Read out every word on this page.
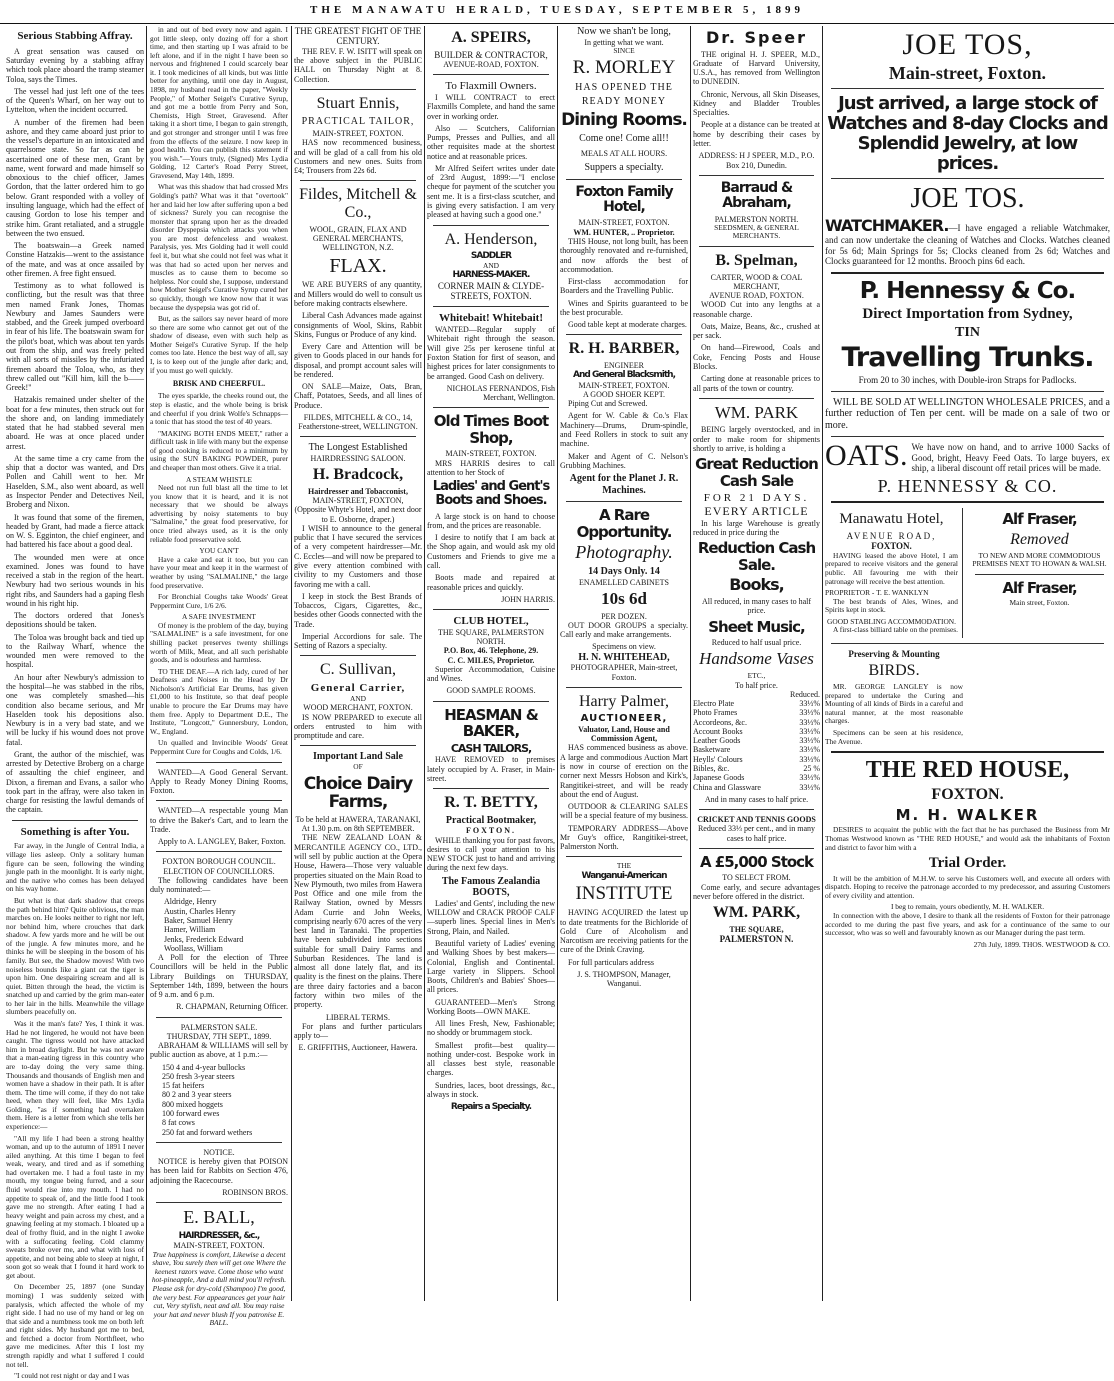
THE MANAWATU HERALD, TUESDAY, SEPTEMBER 5, 1899
Serious Stabbing Affray.

A great sensation was caused on Saturday evening by a stabbing affray which took place aboard the tramp steamer Toloa, says the Times.

The vessel had just left one of the tees of the Queen's Wharf, on her way out to Lyttelton, when the incident occurred.

A number of the firemen had been ashore, and they came aboard just prior to the vessel's departure in an intoxicated and quarrelsome state. So far as can be ascertained one of these men, Grant by name, went forward and made himself so obnoxious to the chief officer, James Gordon, that the latter ordered him to go below. Grant responded with a volley of insulting language, which had the effect of causing Gordon to lose his temper and strike him. Grant retaliated, and a struggle between the two ensued.

The boatswain—a Greek named Constine Hatzakis—went to the assistance of the mate, and was at once assailed by other firemen. A free fight ensued.

Testimony as to what followed is conflicting, but the result was that three men named Frank Jones, Thomas Newbury and James Saunders were stabbed, and the Greek jumped overboard in fear of his life. The boatswain swam for the pilot's boat, which was about ten yards out from the ship, and was freely pelted with all sorts of missiles by the infuriated firemen aboard the Toloa, who, as they threw called out "Kill him, kill the b—— Greek!"

Hatzakis remained under shelter of the boat for a few minutes, then struck out for the shore and, on landing immediately stated that he had stabbed several men aboard. He was at once placed under arrest.

At the same time a cry came from the ship that a doctor was wanted, and Drs Pollen and Cahill went to her. Mr Haselden, S.M., also went aboard, as well as Inspector Pender and Detectives Neil, Broberg and Nixon.

It was found that some of the firemen, headed by Grant, had made a fierce attack on W. S. Egginton, the chief engineer, and had battered his face about a good deal.

The wounded men were at once examined. Jones was found to have received a stab in the region of the heart. Newbury had two serious wounds in his right ribs, and Saunders had a gaping flesh wound in his right hip.

The doctors ordered that Jones's depositions should be taken.

The Toloa was brought back and tied up to the Railway Wharf, whence the wounded men were removed to the hospital.

An hour after Newbury's admission to the hospital—he was stabbed in the ribs, one was completely smashed—his condition also became serious, and Mr Haselden took his depositions also. Newbury is in a very bad state, and we will be lucky if his wound does not prove fatal.

Grant, the author of the mischief, was arrested by Detective Broberg on a charge of assaulting the chief engineer, and Dixon, a fireman and Evans, a sailor who took part in the affray, were also taken in charge for resisting the lawful demands of the captain.

Something is after You.

Far away, in the Jungle of Central India, a village lies asleep. Only a solitary human figure can be seen, following the winding jungle path in the moonlight. It is early night, and the native who comes has been delayed on his way home.

But what is that dark shadow that creeps the path behind him? Quite oblivious, the man marches on. He looks neither to right nor left, nor behind him, where crouches that dark shadow. A few yards more and he will be out of the jungle. A few minutes more, and he thinks he will be sleeping in the bosom of his family. But see, the Shadow moves! With two noiseless bounds like a giant cat the tiger is upon him. One despairing scream and all is quiet. Bitten through the head, the victim is snatched up and carried by the grim man-eater to her lair in the hills. Meanwhile the village slumbers peacefully on.

Was it the man's fate? Yes, I think it was. Had he not lingered, he would not have been caught. The tigress would not have attacked him in broad daylight. But he was not aware that a man-eating tigress in this country who are to-day doing the very same thing. Thousands and thousands of English men and women have a shadow in their path. It is after them. The time will come, if they do not take heed, when they will feel, like Mrs Lydia Golding, "as if something had overtaken them. Here is a letter from which she tells her experience:—

"All my life I had been a strong healthy woman, and up to the autumn of 1891 I never ailed anything. At this time I began to feel weak, weary, and tired and as if something had overtaken me. I had a foul taste in my mouth, my tongue being furred, and a sour fluid would rise into my mouth. I had no appetite to speak of, and the little food I took gave me no strength. After eating I had a heavy weight and pain across my chest, and a gnawing feeling at my stomach. I bloated up a deal of frothy fluid, and in the night I awoke with a suffocating feeling. Cold clammy sweats broke over me, and what with loss of appetite, and not being able to sleep at night, I soon got so weak that I found it hard work to get about.

On December 25, 1897 (one Sunday morning) I was suddenly seized with paralysis, which affected the whole of my right side. I had no use of my hand or leg on that side and a numbness took me on both left and right sides. My husband got me to bed, and fetched a doctor from Northfleet, who gave me medicines. After this I lost my strength rapidly and what I suffered I could not tell.

"I could not rest night or day and I was

in and out of bed every now and again. I got little sleep, only dozing off for a short time, and then starting up I was afraid to be left alone, and if in the night I have been so nervous and frightened I could scarcely bear it. I took medicines of all kinds, but was little better for anything, until one day in August, 1898, my husband read in the paper, "Weekly People," of Mother Seigel's Curative Syrup, and got me a bottle from Perry and Son, Chemists, High Street, Gravesend. After taking it a short time, I began to gain strength, and got stronger and stronger until I was free from the effects of the seizure. I now keep in good health. You can publish this statement if you wish."—Yours truly, (Signed) Mrs Lydia Golding, 12 Carter's Road Perry Street, Gravesend, May 14th, 1899.

What was this shadow that had crossed Mrs Golding's path? What was it that "overtook" her and laid her low after suffering upon a bed of sickness? Surely you can recognise the monster that sprang upon her as the dreaded disorder Dyspepsia which attacks you when you are most defenceless and weakest. Paralysis, yes. Mrs Golding had it well could feel it, but what she could not feel was what it was that had so acted upon her nerves and muscles as to cause them to become so helpless. Nor could she, I suppose, understand how Mother Seigel's Curative Syrup cured her so quickly, though we know now that it was because the dyspepsia was got rid of.

But, as the sailors say never heard of more so there are some who cannot get out of the shadow of disease, even with such help as Mother Seigel's Curative Syrup. If the help comes too late. Hence the best way of all, say I, is to keep out of the jungle after dark; and, if you must go well quickly.

BRISK AND CHEERFUL.

The eyes sparkle, the cheeks round out, the step is elastic, and the whole being is brisk and cheerful if you drink Wolfe's Schnapps—a tonic that has stood the test of 40 years.

"MAKING BOTH ENDS MEET," rather a difficult task in life with many but the expense of good cooking is reduced to a minimum by using the SUN BAKING POWDER, purer and cheaper than most others. Give it a trial.

A STEAM WHISTLE

Need not run full blast all the time to let you know that it is heard, and it is not necessary that we should be always advertising by noisy statements to buy "Salmaline," the great food preservative, for once tried always used, as it is the only reliable food preservative sold.

YOU CAN'T

Have a cake and eat it too, but you can have your meat and keep it in the warmest of weather by using "SALMALINE," the large food preservative.

For Bronchial Coughs take Woods' Great Peppermint Cure, 1/6 2/6.

A SAFE INVESTMENT

Of money is the problem of the day, buying "SALMALINE" is a safe investment, for one shilling packet preserves twenty shillings worth of Milk, Meat, and all such perishable goods, and is odourless and harmless.

TO THE DEAF.—A rich lady, cured of her Deafness and Noises in the Head by Dr Nicholson's Artificial Ear Drums, has given £1,000 to his Institute, so that deaf people unable to procure the Ear Drums may have them free. Apply to Department D.E., The Institute, "Longcott," Gunnersbury, London, W., England.

Un qualled and Invincible Woods' Great Peppermint Cure for Coughs and Colds, 1/6.

WANTED—A Good General Servant. Apply to Ready Money Dining Rooms, Foxton.

WANTED—A respectable young Man to drive the Baker's Cart, and to learn the Trade.

Apply to A. LANGLEY, Baker, Foxton.

FOXTON BOROUGH COUNCIL. ELECTION OF COUNCILLORS.

The following candidates have been duly nominated:—

Aldridge, Henry
Austin, Charles Henry
Baker, Samuel Henry
Hamer, William
Jenks, Frederick Edward
Woollass, William

A Poll for the election of Three Councillors will be held in the Public Library Buildings on THURSDAY, September 14th, 1899, between the hours of 9 a.m. and 6 p.m.

R. CHAPMAN, Returning Officer.
PALMERSTON SALE.
THURSDAY, 7TH SEPT., 1899.

ABRAHAM & WILLIAMS will sell by public auction as above, at 1 p.m.:—

150 4 and 4-year bullocks
250 fresh 3-year steers
15 fat heifers
80 2 and 3 year steers
800 mixed hoggets
100 forward ewes
8 fat cows
250 fat and forward wethers
NOTICE.

NOTICE is hereby given that POISON has been laid for Rabbits on Section 476, adjoining the Racecourse.

ROBINSON BROS.
E. BALL,
HAIRDRESSER, &c.,
MAIN-STREET, FOXTON.

True happiness is comfort, Likewise a decent shave, You surely then will get one Where the keenest razors wave. Come those who want hot-pineapple, And a dull mind you'll refresh. Please ask for dry-cold (Shampoo) I'm good, the very best. For appearances get your hair cut, Very stylish, neat and all. You may raise your hat and never blush If you patronise E. BALL.

THE GREATEST FIGHT OF THE CENTURY.

THE REV. F. W. ISITT will speak on the above subject in the PUBLIC HALL on Thursday Night at 8. Collection.

Stuart Ennis,
PRACTICAL TAILOR,
MAIN-STREET, FOXTON.

HAS now recommenced business, and will be glad of a call from his old Customers and new ones. Suits from £4; Trousers from 22s 6d.

Fildes, Mitchell & Co.,
WOOL, GRAIN, FLAX AND GENERAL MERCHANTS,
WELLINGTON, N.Z.
FLAX.

WE ARE BUYERS of any quantity, and Millers would do well to consult us before making contracts elsewhere.

Liberal Cash Advances made against consignments of Wool, Skins, Rabbit Skins, Fungus or Produce of any kind.

Every Care and Attention will be given to Goods placed in our hands for disposal, and prompt account sales will be rendered.

ON SALE—Maize, Oats, Bran, Chaff, Potatoes, Seeds, and all lines of Produce.

FILDES, MITCHELL & CO., 14, Featherstone-street, WELLINGTON.
The Longest Established
HAIRDRESSING SALOON.
H. Bradcock,
Hairdresser and Tobacconist,
MAIN-STREET, FOXTON,
(Opposite Whyte's Hotel, and next door to E. Osborne, draper.)

I WISH to announce to the general public that I have secured the services of a very competent hairdresser—Mr. C. Eccles—and will now be prepared to give every attention combined with civility to my Customers and those favoring me with a call.

I keep in stock the Best Brands of Tobaccos, Cigars, Cigarettes, &c., besides other Goods connected with the Trade.

Imperial Accordions for sale. The Setting of Razors a specialty.

C. Sullivan,
General Carrier,
AND
WOOD MERCHANT, FOXTON.

IS NOW PREPARED to execute all orders entrusted to him with promptitude and care.

Important Land Sale
OF
Choice Dairy Farms,
To be held at HAWERA, TARANAKI, At 1.30 p.m. on 8th SEPTEMBER.

THE NEW ZEALAND LOAN & MERCANTILE AGENCY CO., LTD., will sell by public auction at the Opera House, Hawera—Those very valuable properties situated on the Main Road to New Plymouth, two miles from Hawera Post Office and one mile from the Railway Station, owned by Messrs Adam Currie and John Weeks, comprising nearly 670 acres of the very best land in Taranaki. The properties have been subdivided into sections suitable for small Dairy Farms and Suburban Residences. The land is almost all done lately flat, and its quality is the finest on the plains. There are three dairy factories and a bacon factory within two miles of the property.

LIBERAL TERMS.

For plans and further particulars apply to—

E. GRIFFITHS, Auctioneer, Hawera.
A. SPEIRS,
BUILDER & CONTRACTOR,
AVENUE-ROAD, FOXTON.
To Flaxmill Owners.

I WILL CONTRACT to erect Flaxmills Complete, and hand the same over in working order.

Also — Scutchers, Californian Pumps, Presses and Pullies, and all other requisites made at the shortest notice and at reasonable prices.

Mr Alfred Seifert writes under date of 23rd August, 1899:—"I enclose cheque for payment of the scutcher you sent me. It is a first-class scutcher, and is giving every satisfaction. I am very pleased at having such a good one."

A. Henderson,
SADDLER
AND
HARNESS-MAKER.
CORNER MAIN & CLYDE-STREETS, FOXTON.
Whitebait! Whitebait!

WANTED—Regular supply of Whitebait right through the season. Will give 25s per kerosene tinful at Foxton Station for first of season, and highest prices for later consignments to be arranged. Good Cash on delivery.

NICHOLAS FERNANDOS, Fish Merchant, Wellington.
Old Times Boot Shop,
MAIN-STREET, FOXTON.

MRS HARRIS desires to call attention to her Stock of

Ladies' and Gent's Boots and Shoes.

A large stock is on hand to choose from, and the prices are reasonable.

I desire to notify that I am back at the Shop again, and would ask my old Customers and Friends to give me a call.

Boots made and repaired at reasonable prices and quickly.

JOHN HARRIS.
CLUB HOTEL,
THE SQUARE, PALMERSTON NORTH.
P.O. Box, 46. Telephone, 29.
C. C. MILES, Proprietor.

Superior Accommodation, Cuisine and Wines.

GOOD SAMPLE ROOMS.
HEASMAN & BAKER,
CASH TAILORS,

HAVE REMOVED to premises lately occupied by A. Fraser, in Main-street.

R. T. BETTY,
Practical Bootmaker,
FOXTON.

WHILE thanking you for past favors, desires to call your attention to his NEW STOCK just to hand and arriving during the next few days.

The Famous Zealandia BOOTS,

Ladies' and Gents', including the new WILLOW and CRACK PROOF CALF—superb lines. Special lines in Men's Strong, Plain, and Nailed.

Beautiful variety of Ladies' evening and Walking Shoes by best makers—Colonial, English and Continental. Large variety in Slippers. School Boots, Children's and Babies' Shoes—all prices.

GUARANTEED—Men's Strong Working Boots—OWN MAKE.

All lines Fresh, New, Fashionable; no shoddy or brummagem stock.

Smallest profit—best quality—nothing under-cost. Bespoke work in all classes best style, reasonable charges.

Sundries, laces, boot dressings, &c., always in stock.

Repairs a Specialty.
Now we shan't be long,
In getting what we want.
SINCE
R. MORLEY
HAS OPENED THE
READY MONEY
Dining Rooms.
Come one! Come all!!
MEALS AT ALL HOURS.
Suppers a specialty.
Foxton Family Hotel,
MAIN-STREET, FOXTON.
WM. HUNTER, .. Proprietor.

THIS House, not long built, has been thoroughly renovated and re-furnished, and now affords the best of accommodation.

First-class accommodation for Boarders and the Travelling Public.

Wines and Spirits guaranteed to be the best procurable.

Good table kept at moderate charges.

R. H. BARBER,
ENGINEER
And General Blacksmith,
MAIN-STREET, FOXTON.
A GOOD SHOER KEPT.

Piping Cut and Screwed.

Agent for W. Cable & Co.'s Flax Machinery—Drums, Drum-spindle, and Feed Rollers in stock to suit any machine.

Maker and Agent of C. Nelson's Grubbing Machines.

Agent for the Planet J. R. Machines.
A Rare Opportunity.
Photography.
14 Days Only. 14
ENAMELLED CABINETS
10s 6d
PER DOZEN.

OUT DOOR GROUPS a specialty. Call early and make arrangements.

Specimens on view.
H. N. WHITEHEAD,
PHOTOGRAPHER, Main-street, Foxton.
Harry Palmer,
AUCTIONEER,
Valuator, Land, House and Commission Agent,

HAS commenced business as above. A large and commodious Auction Mart is now in course of erection on the corner next Messrs Hobson and Kirk's, Rangitikei-street, and will be ready about the end of August.

OUTDOOR & CLEARING SALES will be a special feature of my business.

TEMPORARY ADDRESS—Above Mr Guy's office, Rangitikei-street, Palmerston North.

THE
Wanganui-American
INSTITUTE

HAVING ACQUIRED the latest up to date treatments for the Bichloride of Gold Cure of Alcoholism and Narcotism are receiving patients for the cure of the Drink Craving.

For full particulars address

J. S. THOMPSON, Manager, Wanganui.
Dr. Speer

THE original H. J. SPEER, M.D., Graduate of Harvard University, U.S.A., has removed from Wellington to DUNEDIN.

Chronic, Nervous, all Skin Diseases, Kidney and Bladder Troubles Specialties.

People at a distance can be treated at home by describing their cases by letter.

ADDRESS: H J SPEER, M.D., P.O. Box 210, Dunedin.
Barraud & Abraham,
PALMERSTON NORTH.
SEEDSMEN, & GENERAL MERCHANTS.
B. Spelman,
CARTER, WOOD & COAL MERCHANT,
AVENUE ROAD, FOXTON.

WOOD Cut into any lengths at a reasonable charge.

Oats, Maize, Beans, &c., crushed at per sack.

On hand—Firewood, Coals and Coke, Fencing Posts and House Blocks.

Carting done at reasonable prices to all parts of the town or country.

WM. PARK

BEING largely overstocked, and in order to make room for shipments shortly to arrive, is holding a

Great Reduction Cash Sale
FOR 21 DAYS.
EVERY ARTICLE

In his large Warehouse is greatly reduced in price during the

Reduction Cash Sale.
Books,
All reduced, in many cases to half price.
Sheet Music,
Reduced to half usual price.
Handsome Vases
ETC.,
To half price.
Reduced.
Electro Plate	33⅓%
Photo Frames	33⅓%
Accordeons, &c.	33⅓%
Account Books	33⅓%
Leather Goods	33⅓%
Basketware	33⅓%
Heylls' Colours	33⅓%
Bibles, &c.	25 %
Japanese Goods	33⅓%
China and Glassware	33⅓%
And in many cases to half price.
CRICKET AND TENNIS GOODS
Reduced 33⅓ per cent., and in many cases to half price.
A £5,000 Stock
TO SELECT FROM.

Come early, and secure advantages never before offered in the district.

WM. PARK,
THE SQUARE,
PALMERSTON N.
JOE TOS,
Main-street, Foxton.
Just arrived, a large stock of Watches and 8-day Clocks and Splendid Jewelry, at low prices.
JOE TOS.

WATCHMAKER.—I have engaged a reliable Watchmaker, and can now undertake the cleaning of Watches and Clocks. Watches cleaned for 5s 6d; Main Springs for 5s; Clocks cleaned from 2s 6d; Watches and Clocks guaranteed for 12 months. Brooch pins 6d each.

P. Hennessy & Co.
Direct Importation from Sydney,
TIN
Travelling Trunks.
From 20 to 30 inches, with Double-iron Straps for Padlocks.

WILL BE SOLD AT WELLINGTON WHOLESALE PRICES, and a further reduction of Ten per cent. will be made on a sale of two or more.

OATS. We have now on hand, and to arrive 1000 Sacks of Good, bright, Heavy Feed Oats. To large buyers, ex ship, a liberal discount off retail prices will be made.

P. HENNESSY & CO.
Manawatu Hotel,
AVENUE ROAD,
FOXTON.

HAVING leased the above Hotel, I am prepared to receive visitors and the general public. All favouring me with their patronage will receive the best attention.

PROPRIETOR - T. E. WANKLYN

The best brands of Ales, Wines, and Spirits kept in stock.

GOOD STABLING ACCOMMODATION.

A first-class billiard table on the premises.

Alf Fraser,
Removed
TO NEW AND MORE COMMODIOUS PREMISES NEXT TO HOWAN & WALSH.
Alf Fraser,
Main street, Foxton.
Preserving & Mounting
BIRDS.

MR. GEORGE LANGLEY is now prepared to undertake the Curing and Mounting of all kinds of Birds in a careful and natural manner, at the most reasonable charges.

Specimens can be seen at his residence, The Avenue.

THE RED HOUSE,
FOXTON.
M. H. WALKER

DESIRES to acquaint the public with the fact that he has purchased the Business from Mr Thomas Westwood known as "THE RED HOUSE," and would ask the inhabitants of Foxton and district to favor him with a

Trial Order.

It will be the ambition of M.H.W. to serve his Customers well, and execute all orders with dispatch. Hoping to receive the patronage accorded to my predecessor, and assuring Customers of every civility and attention.

I beg to remain, yours obediently, M. H. WALKER.

In connection with the above, I desire to thank all the residents of Foxton for their patronage accorded to me during the past five years, and ask for a continuance of the same to our successor, who was so well and favourably known as our Manager during the past term.

27th July, 1899. THOS. WESTWOOD & CO.
